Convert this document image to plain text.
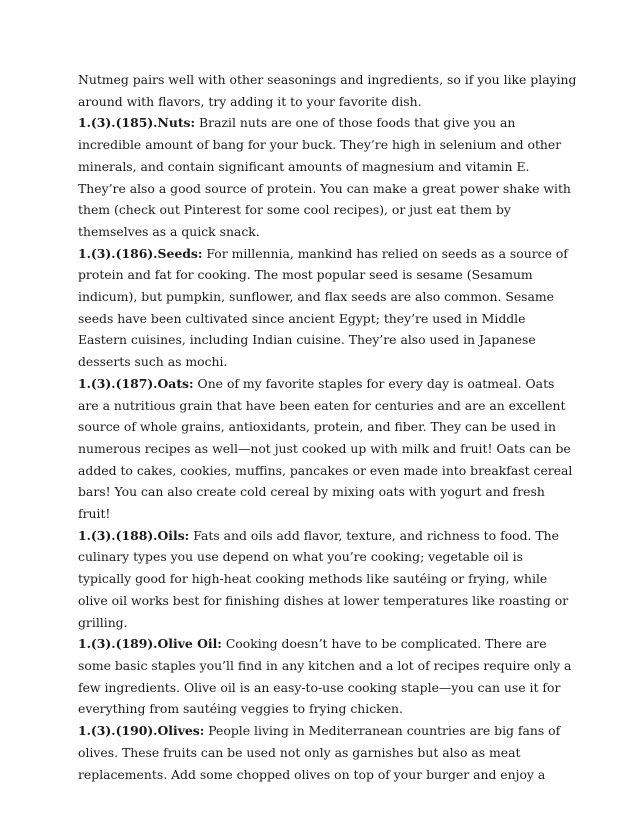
Nutmeg pairs well with other seasonings and ingredients, so if you like playing around with flavors, try adding it to your favorite dish.

1.(3).(185).Nuts: Brazil nuts are one of those foods that give you an incredible amount of bang for your buck. They’re high in selenium and other minerals, and contain significant amounts of magnesium and vitamin E. They’re also a good source of protein. You can make a great power shake with them (check out Pinterest for some cool recipes), or just eat them by themselves as a quick snack.

1.(3).(186).Seeds: For millennia, mankind has relied on seeds as a source of protein and fat for cooking. The most popular seed is sesame (Sesamum indicum), but pumpkin, sunflower, and flax seeds are also common. Sesame seeds have been cultivated since ancient Egypt; they’re used in Middle Eastern cuisines, including Indian cuisine. They’re also used in Japanese desserts such as mochi.

1.(3).(187).Oats: One of my favorite staples for every day is oatmeal. Oats are a nutritious grain that have been eaten for centuries and are an excellent source of whole grains, antioxidants, protein, and fiber. They can be used in numerous recipes as well—not just cooked up with milk and fruit! Oats can be added to cakes, cookies, muffins, pancakes or even made into breakfast cereal bars! You can also create cold cereal by mixing oats with yogurt and fresh fruit!

1.(3).(188).Oils: Fats and oils add flavor, texture, and richness to food. The culinary types you use depend on what you’re cooking; vegetable oil is typically good for high-heat cooking methods like sautéing or frying, while olive oil works best for finishing dishes at lower temperatures like roasting or grilling.

1.(3).(189).Olive Oil: Cooking doesn’t have to be complicated. There are some basic staples you’ll find in any kitchen and a lot of recipes require only a few ingredients. Olive oil is an easy-to-use cooking staple—you can use it for everything from sautéing veggies to frying chicken.

1.(3).(190).Olives: People living in Mediterranean countries are big fans of olives. These fruits can be used not only as garnishes but also as meat replacements. Add some chopped olives on top of your burger and enjoy a
